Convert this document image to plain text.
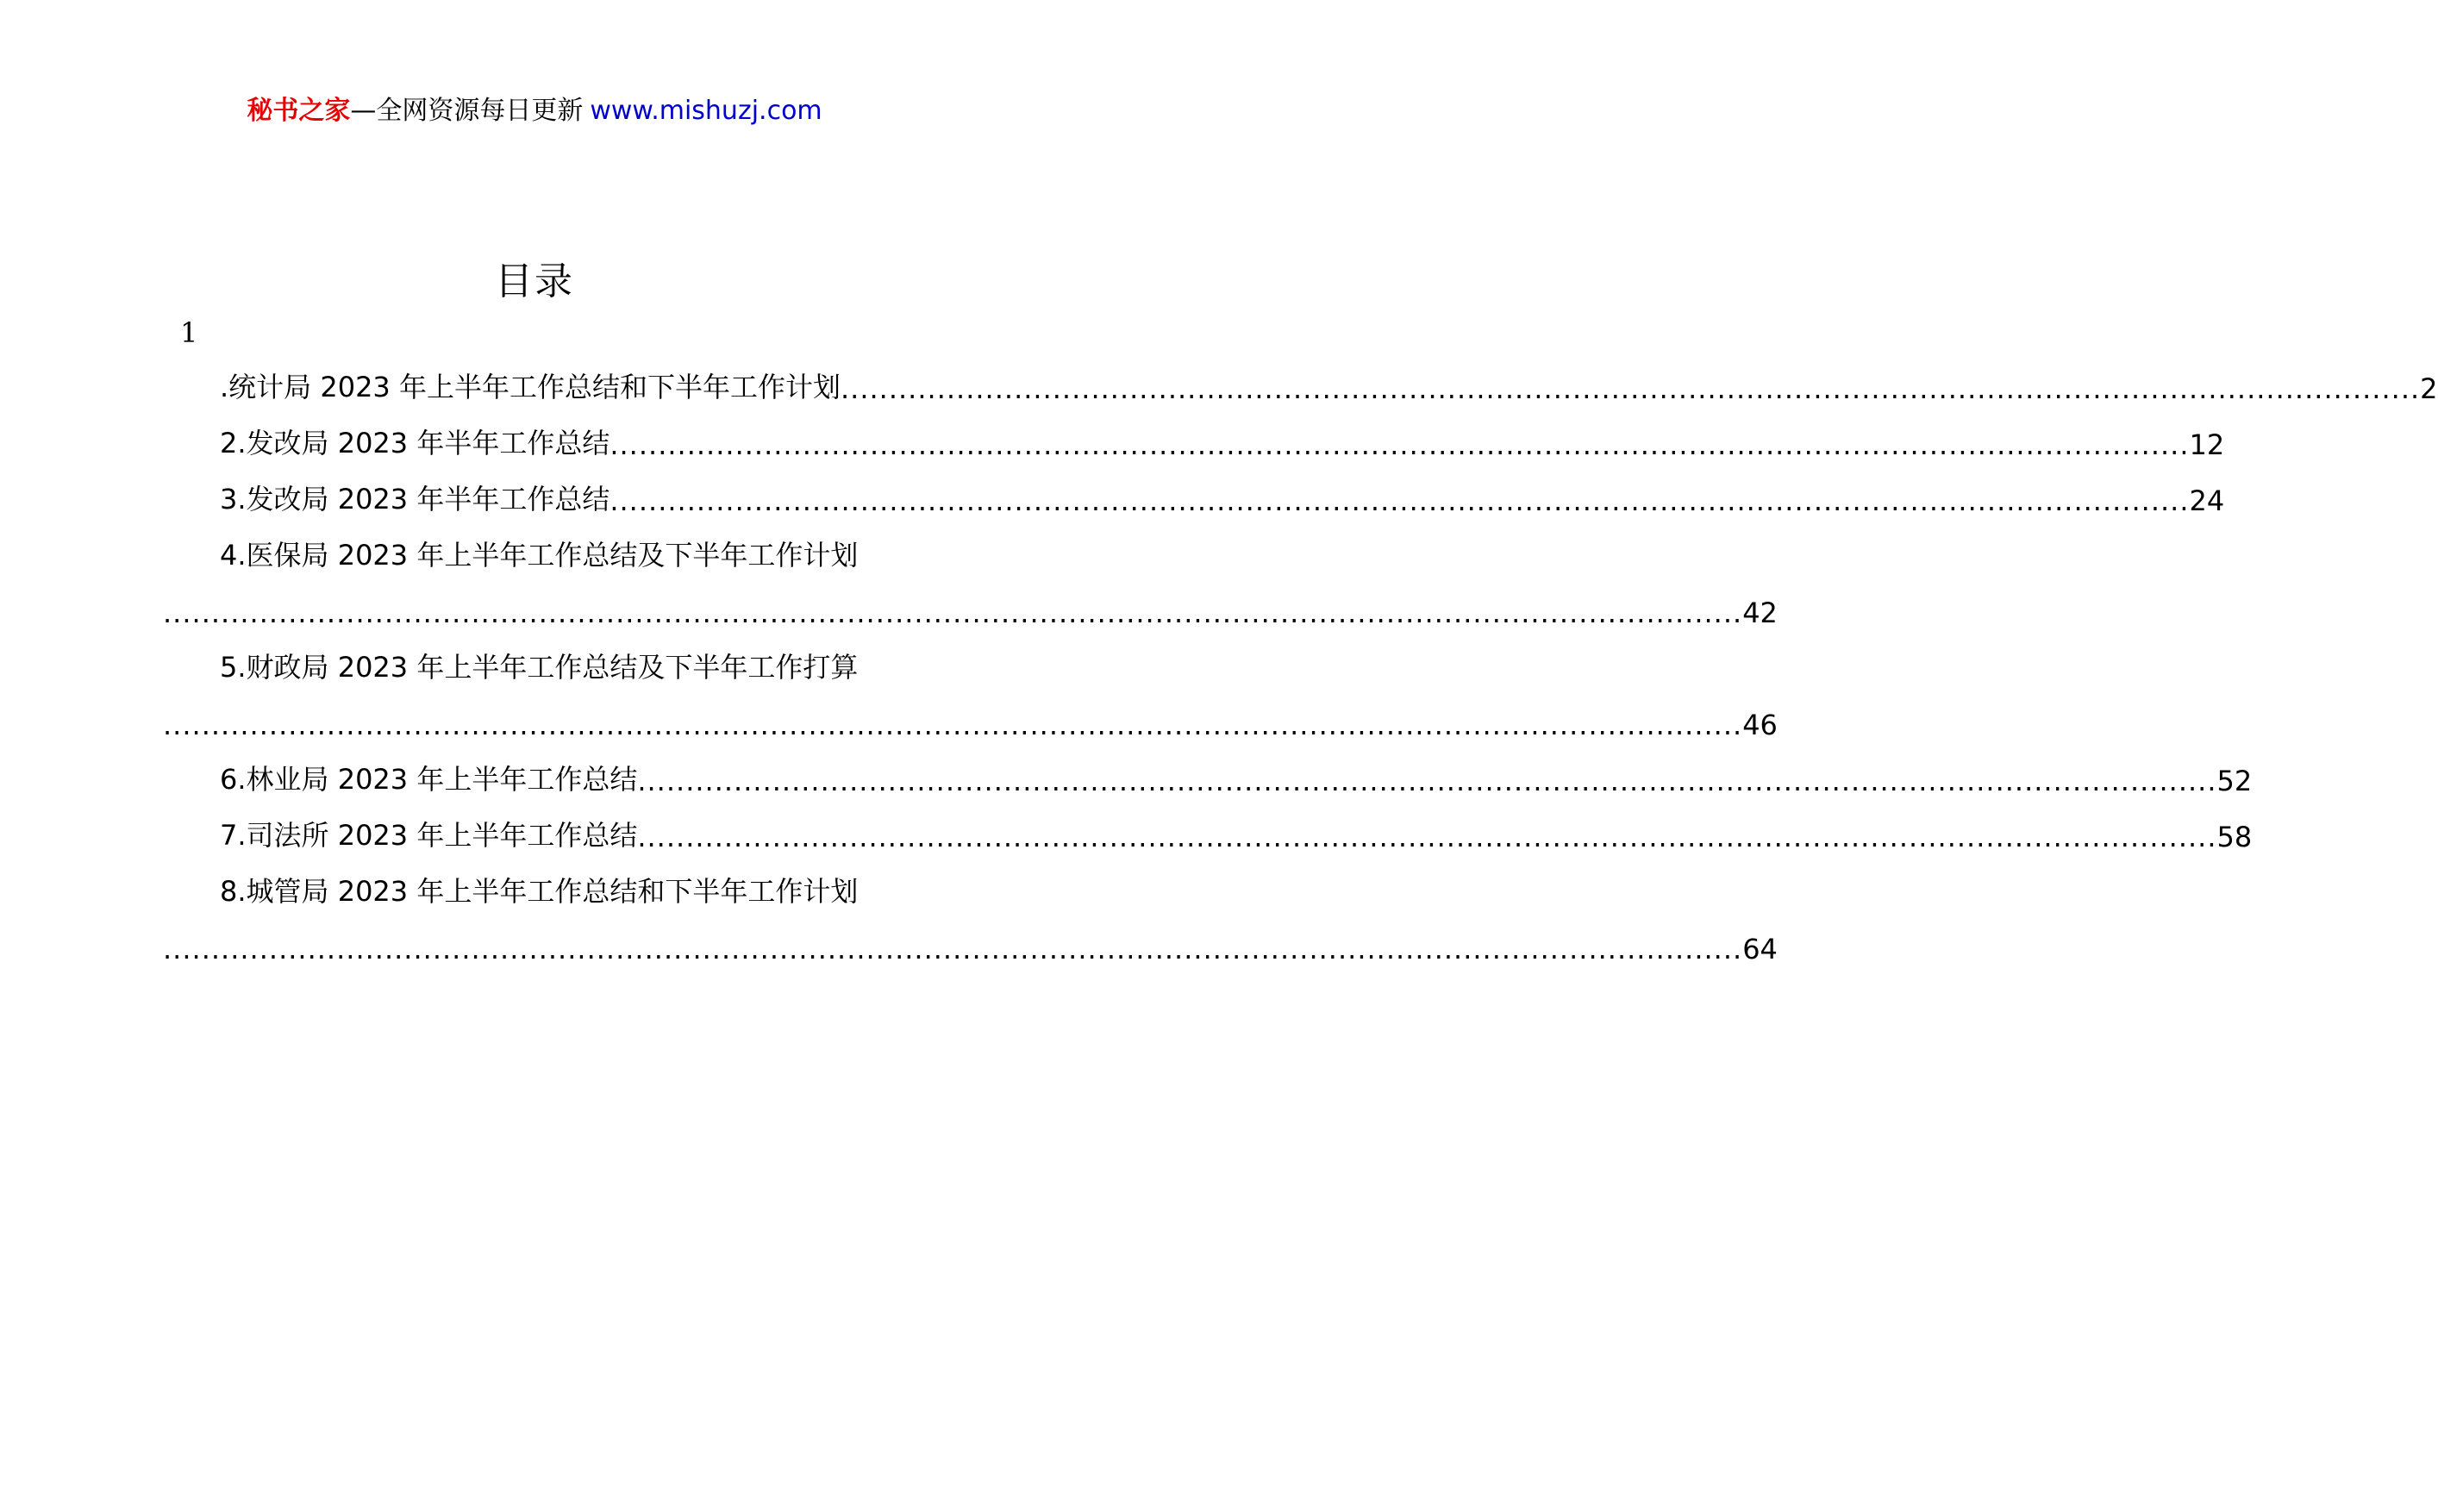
秘书之家—全网资源每日更新 www.mishuzj.com
目录
1
.统计局 2023 年上半年工作总结和下半年工作计划 .................................................................................................................................................................... 2
2.发改局 2023 年半年工作总结 .................................................................................................................................................................... 12
3.发改局 2023 年半年工作总结 .................................................................................................................................................................... 24
4.医保局 2023 年上半年工作总结及下半年工作计划
.................................................................................................................................................................... 42
5.财政局 2023 年上半年工作总结及下半年工作打算
.................................................................................................................................................................... 46
6.林业局 2023 年上半年工作总结 .................................................................................................................................................................... 52
7.司法所 2023 年上半年工作总结 .................................................................................................................................................................... 58
8.城管局 2023 年上半年工作总结和下半年工作计划
.................................................................................................................................................................... 64
